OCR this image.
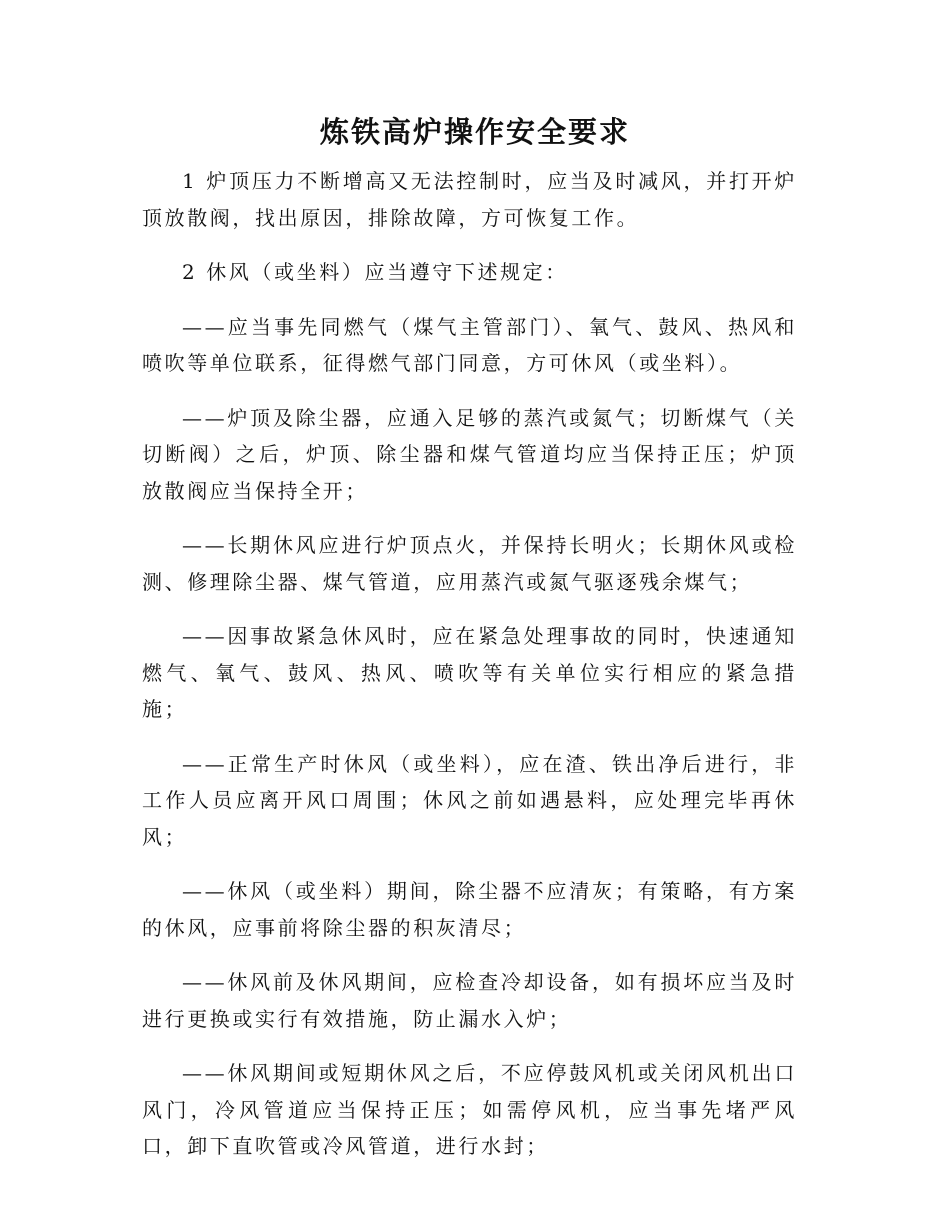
炼铁高炉操作安全要求

1 炉顶压力不断增高又无法控制时，应当及时减风，并打开炉顶放散阀，找出原因，排除故障，方可恢复工作。

2 休风（或坐料）应当遵守下述规定：

——应当事先同燃气（煤气主管部门）、氧气、鼓风、热风和喷吹等单位联系，征得燃气部门同意，方可休风（或坐料）。

——炉顶及除尘器，应通入足够的蒸汽或氮气；切断煤气（关切断阀）之后，炉顶、除尘器和煤气管道均应当保持正压；炉顶放散阀应当保持全开；

——长期休风应进行炉顶点火，并保持长明火；长期休风或检测、修理除尘器、煤气管道，应用蒸汽或氮气驱逐残余煤气；

——因事故紧急休风时，应在紧急处理事故的同时，快速通知燃气、氧气、鼓风、热风、喷吹等有关单位实行相应的紧急措施；

——正常生产时休风（或坐料），应在渣、铁出净后进行，非工作人员应离开风口周围；休风之前如遇悬料，应处理完毕再休风；

——休风（或坐料）期间，除尘器不应清灰；有策略，有方案的休风，应事前将除尘器的积灰清尽；

——休风前及休风期间，应检查冷却设备，如有损坏应当及时进行更换或实行有效措施，防止漏水入炉；

——休风期间或短期休风之后，不应停鼓风机或关闭风机出口风门，冷风管道应当保持正压；如需停风机，应当事先堵严风口，卸下直吹管或冷风管道，进行水封；
